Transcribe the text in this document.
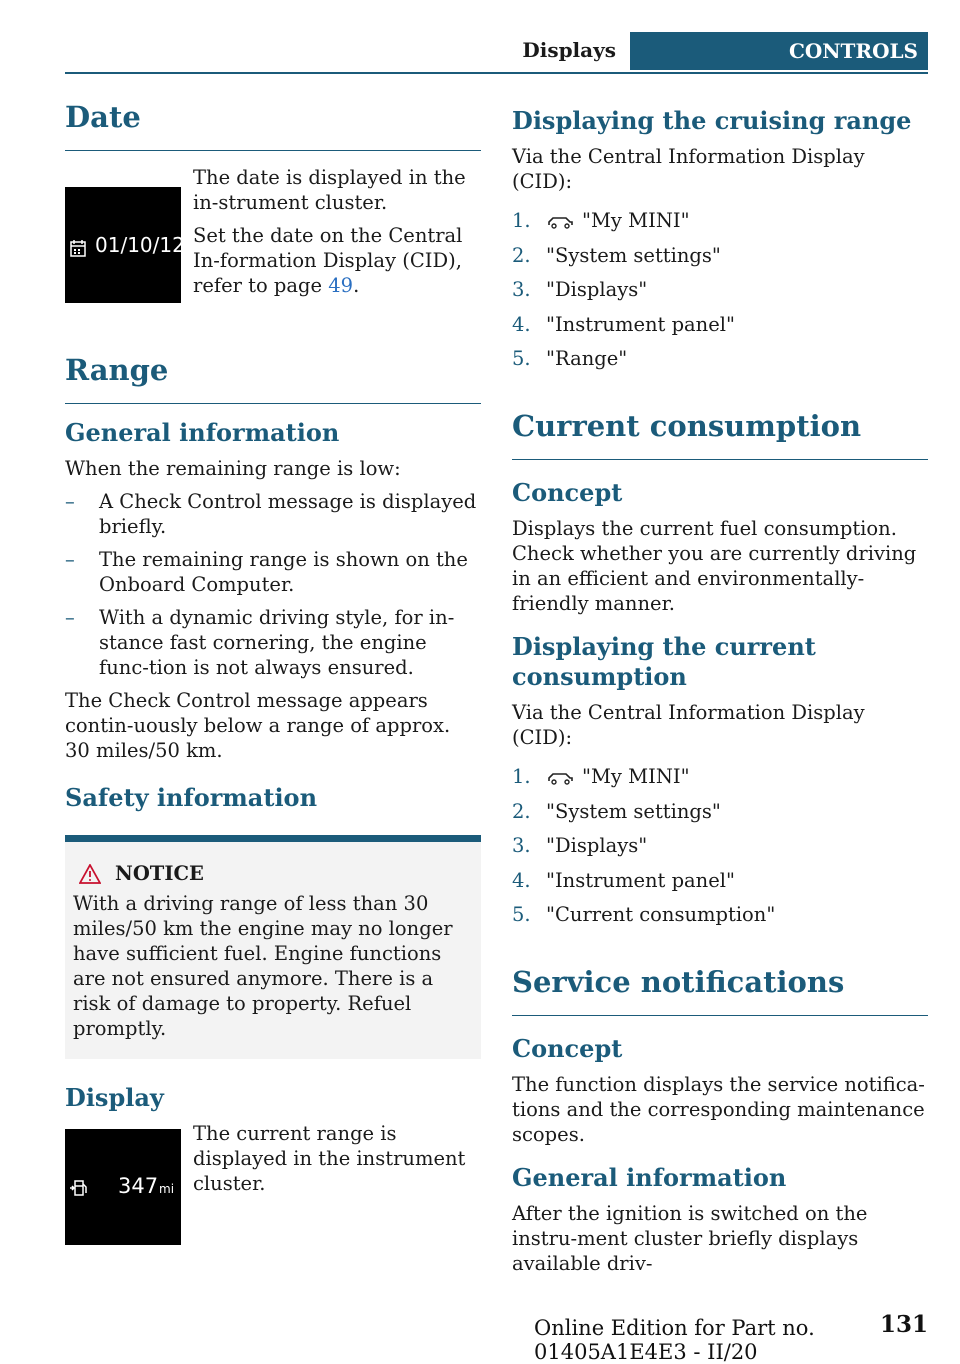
Displays	CONTROLS
Date
01/10/12

The date is displayed in the in-strument cluster.

Set the date on the Central In-formation Display (CID), refer to page 49.

Range
General information

When the remaining range is low:

– A Check Control message is displayed briefly.
– The remaining range is shown on the Onboard Computer.
– With a dynamic driving style, for in-stance fast cornering, the engine func-tion is not always ensured.

The Check Control message appears contin-uously below a range of approx. 30 miles/50 km.

Safety information
NOTICE

With a driving range of less than 30 miles/50 km the engine may no longer have sufficient fuel. Engine functions are not ensured anymore. There is a risk of damage to property. Refuel promptly.

Display
347 mi

The current range is displayed in the instrument cluster.

Displaying the cruising range

Via the Central Information Display (CID):

1.	"My MINI"
2. "System settings"
3. "Displays"
4. "Instrument panel"
5. "Range"
Current consumption
Concept

Displays the current fuel consumption. Check whether you are currently driving in an efficient and environmentally-friendly manner.

Displaying the current consumption

Via the Central Information Display (CID):

1.	"My MINI"
2. "System settings"
3. "Displays"
4. "Instrument panel"
5. "Current consumption"
Service notifications
Concept

The function displays the service notifica-tions and the corresponding maintenance scopes.

General information

After the ignition is switched on the instru-ment cluster briefly displays available driv-

Online Edition for Part no. 01405A1E4E3 - II/20
131
